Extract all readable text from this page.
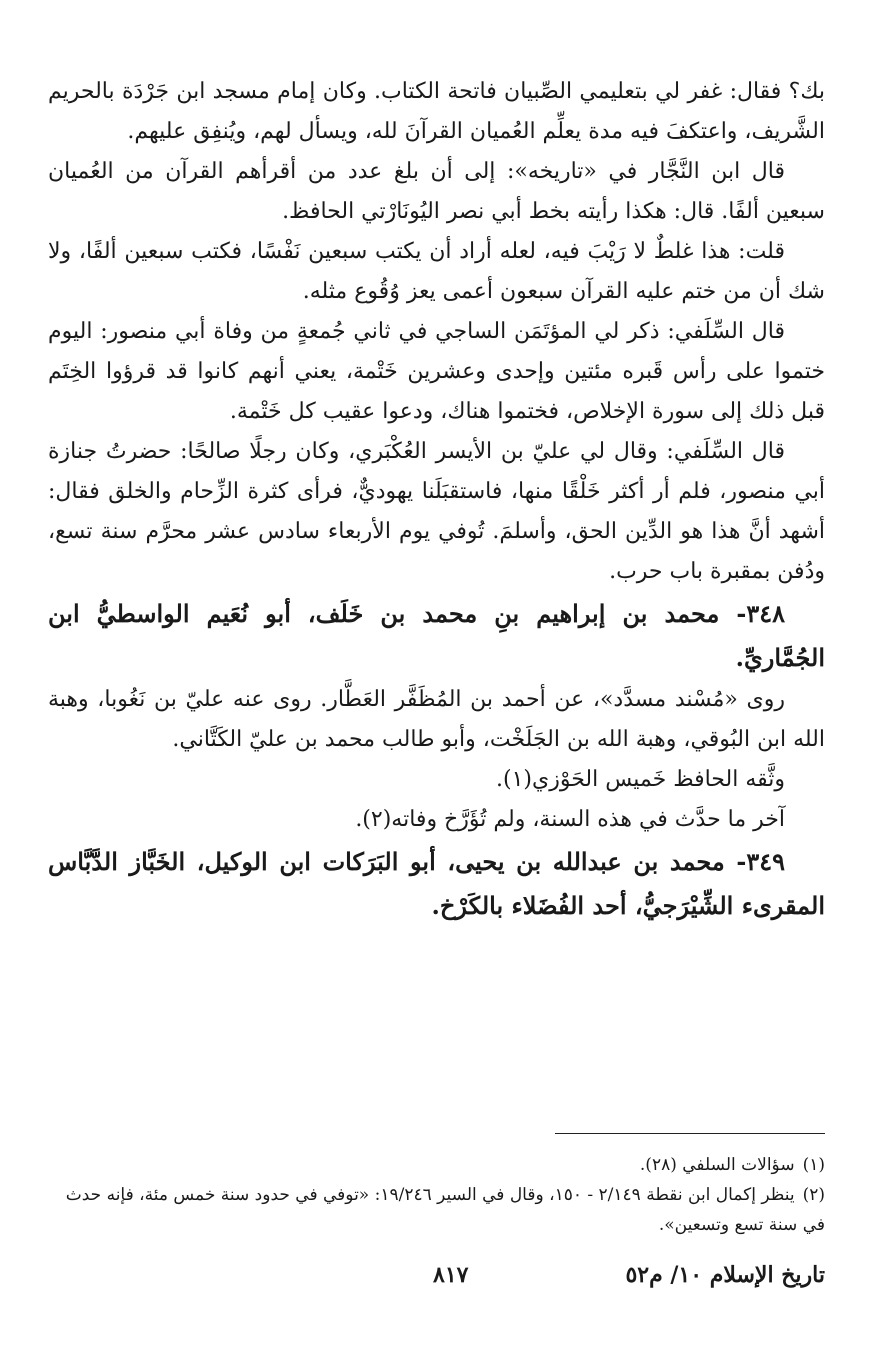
بك؟ فقال: غفر لي بتعليمي الصِّبيان فاتحة الكتاب. وكان إمام مسجد ابن جَرْدَة بالحريم الشَّريف، واعتكفَ فيه مدة يعلِّم العُميان القرآنَ لله، ويسأل لهم، ويُنفِق عليهم.

قال ابن النَّجَّار في «تاريخه»: إلى أن بلغ عدد من أقرأهم القرآن من العُميان سبعين ألفًا. قال: هكذا رأيته بخط أبي نصر اليُونَارْتي الحافظ.

قلت: هذا غلطٌ لا رَيْبَ فيه، لعله أراد أن يكتب سبعين نَفْسًا، فكتب سبعين ألفًا، ولا شك أن من ختم عليه القرآن سبعون أعمى يعز وُقُوع مثله.

قال السِّلَفي: ذكر لي المؤتَمَن الساجي في ثاني جُمعةٍ من وفاة أبي منصور: اليوم ختموا على رأس قَبره مئتين وإحدى وعشرين خَتْمة، يعني أنهم كانوا قد قرؤوا الخِتَم قبل ذلك إلى سورة الإخلاص، فختموا هناك، ودعوا عقيب كل خَتْمة.

قال السِّلَفي: وقال لي عليّ بن الأيسر العُكْبَري، وكان رجلًا صالحًا: حضرتُ جنازة أبي منصور، فلم أر أكثر خَلْقًا منها، فاستقبَلَنا يهوديٌّ، فرأى كثرة الزِّحام والخلق فقال: أشهد أنَّ هذا هو الدِّين الحق، وأسلمَ. تُوفي يوم الأربعاء سادس عشر محرَّم سنة تسع، ودُفن بمقبرة باب حرب.

٣٤٨- محمد بن إبراهيم بنِ محمد بن خَلَف، أبو نُعَيم الواسطيُّ ابن الجُمَّاريِّ.

روى «مُسْند مسدَّد»، عن أحمد بن المُظَفَّر العَطَّار. روى عنه عليّ بن نَغُوبا، وهبة الله ابن البُوقي، وهبة الله بن الجَلَخْت، وأبو طالب محمد بن عليّ الكَتَّاني.

وثَّقه الحافظ خَميس الحَوْزي(١).

آخر ما حدَّث في هذه السنة، ولم تُؤَرَّخ وفاته(٢).

٣٤٩- محمد بن عبدالله بن يحيى، أبو البَرَكات ابن الوكيل، الخَبَّاز الدَّبَّاس المقرىء الشِّيْرَجيُّ، أحد الفُضَلاء بالكَرْخ.

(١)سؤالات السلفي (٢٨).

(٢)ينظر إكمال ابن نقطة ٢/١٤٩ - ١٥٠، وقال في السير ١٩/٢٤٦: «توفي في حدود سنة خمس مئة، فإنه حدث في سنة تسع وتسعين».

تاريخ الإسلام ١٠/ م٥٢
٨١٧
